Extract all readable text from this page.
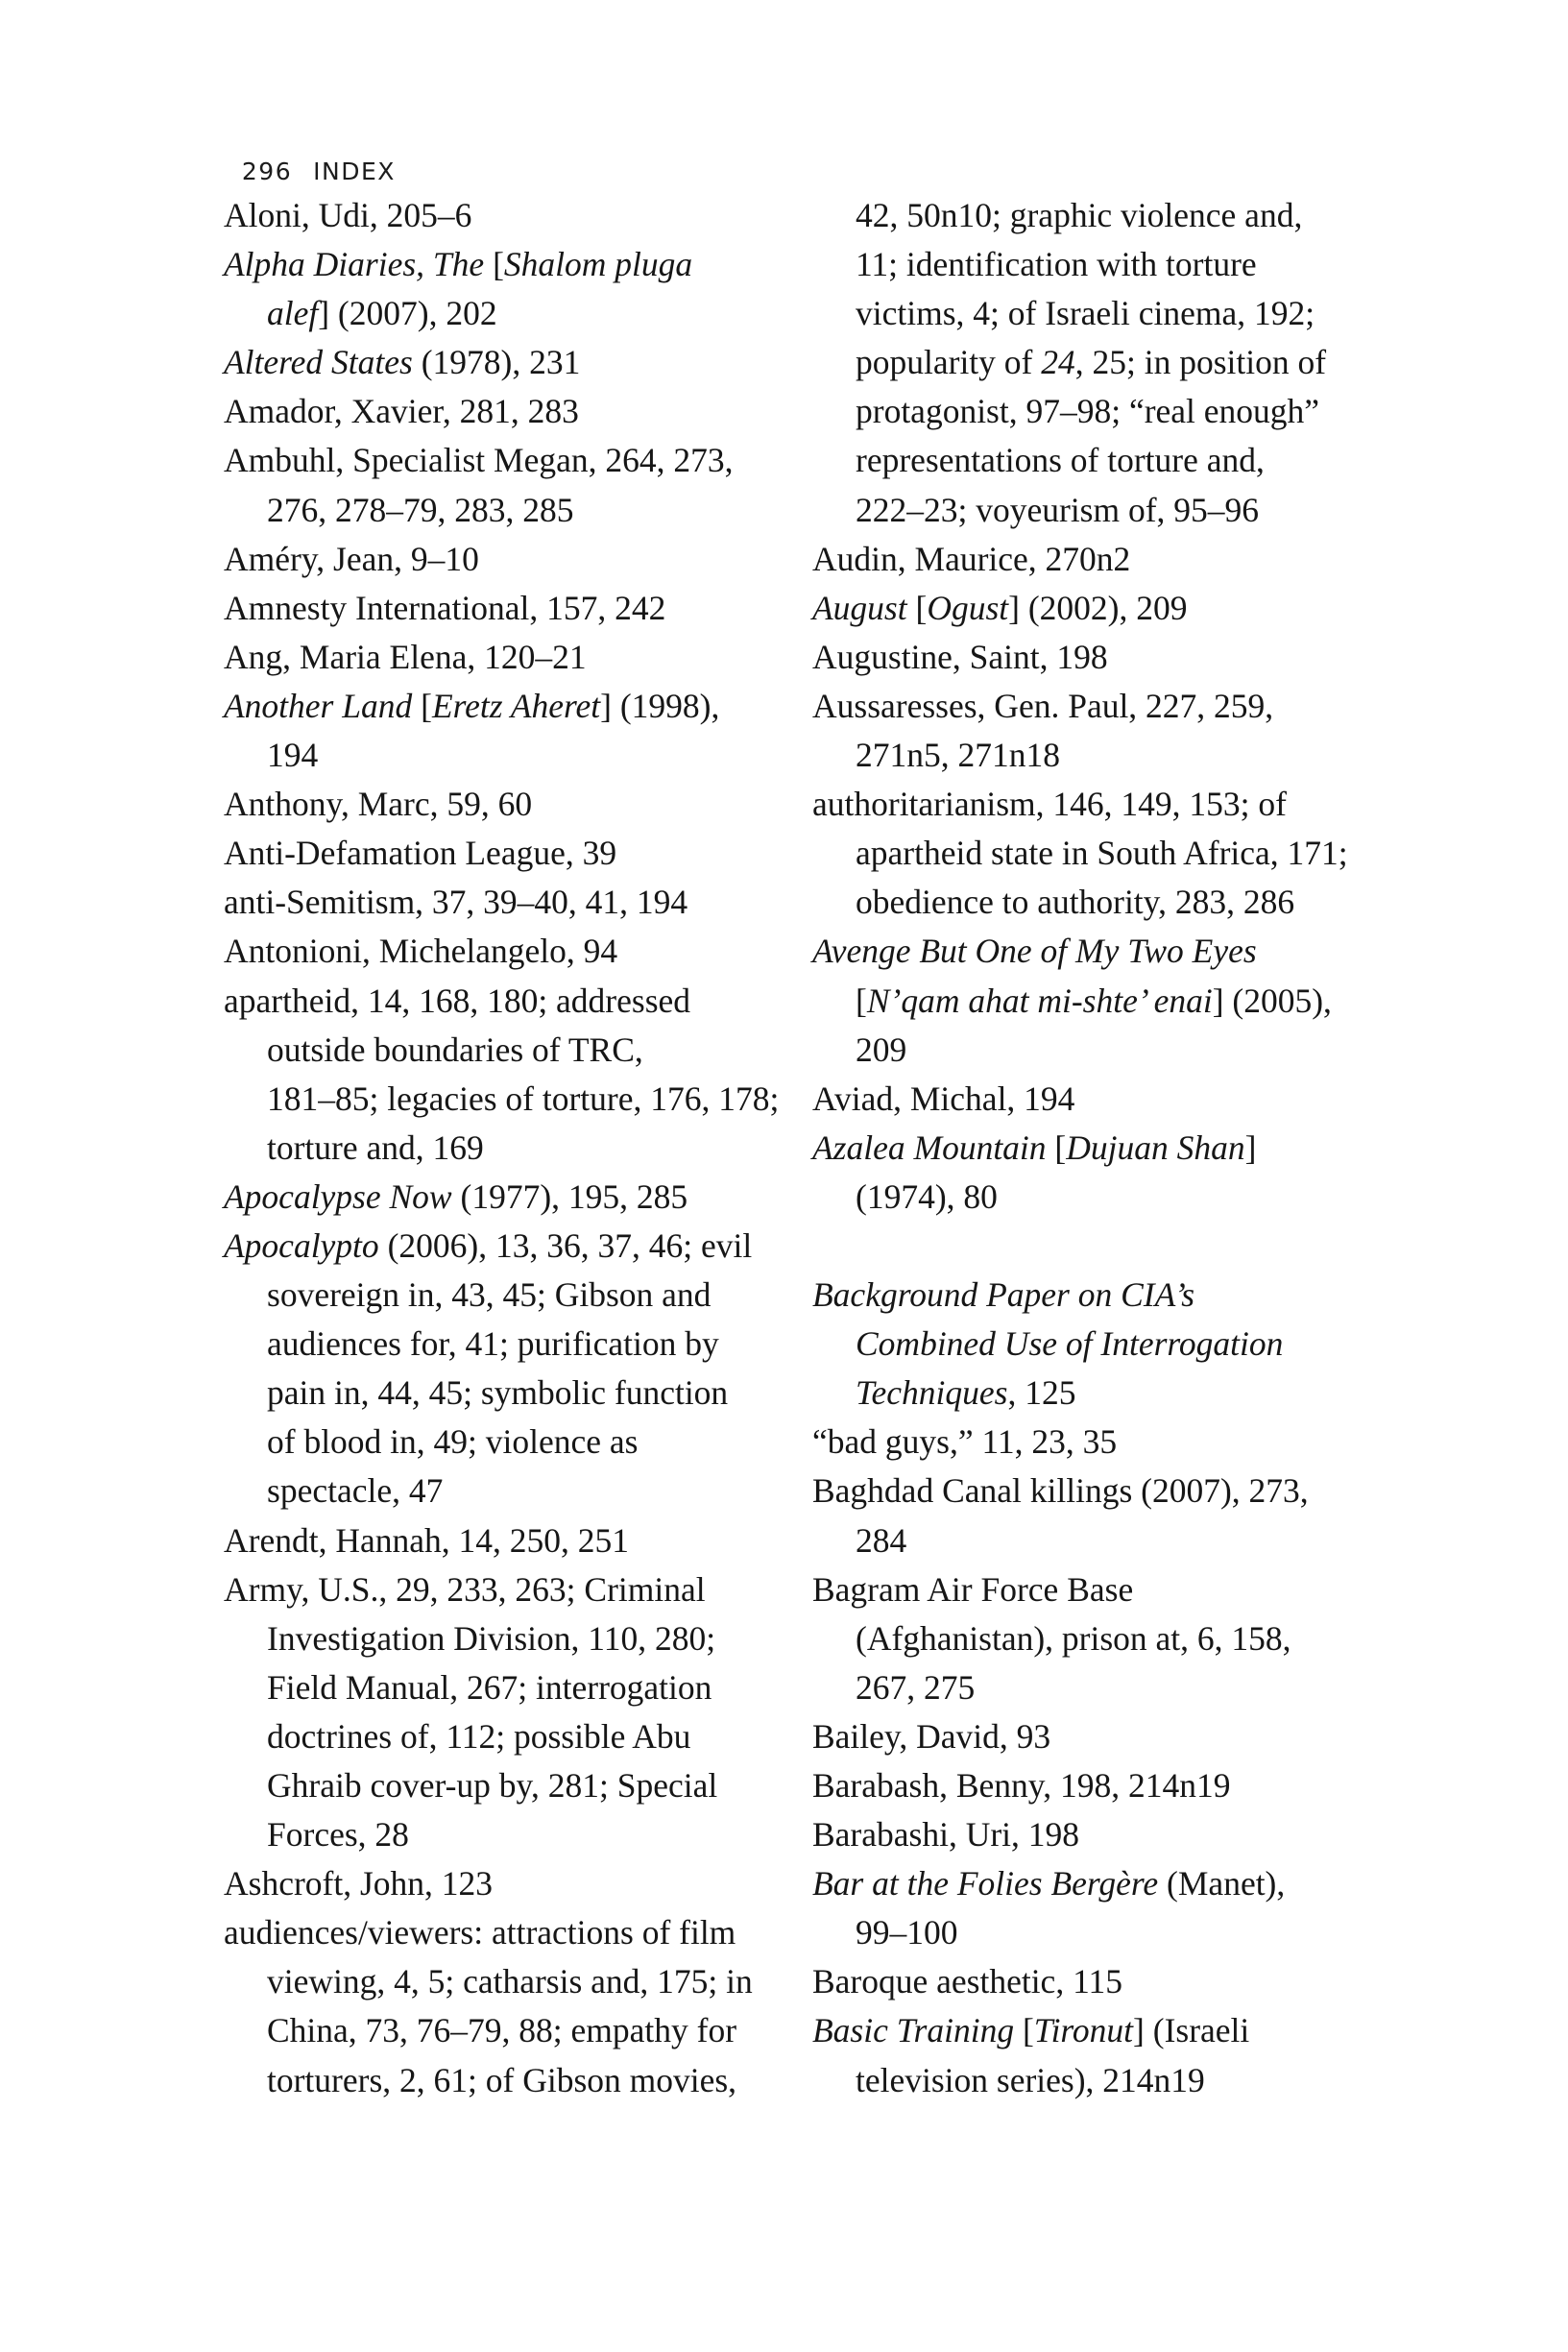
296 INDEX

Aloni, Udi, 205–6
Alpha Diaries, The [Shalom pluga
alef] (2007), 202
Altered States (1978), 231
Amador, Xavier, 281, 283
Ambuhl, Specialist Megan, 264, 273,
276, 278–79, 283, 285
Améry, Jean, 9–10
Amnesty International, 157, 242
Ang, Maria Elena, 120–21
Another Land [Eretz Aheret] (1998),
194
Anthony, Marc, 59, 60
Anti-Defamation League, 39
anti-Semitism, 37, 39–40, 41, 194
Antonioni, Michelangelo, 94
apartheid, 14, 168, 180; addressed
outside boundaries of TRC,
181–85; legacies of torture, 176, 178;
torture and, 169
Apocalypse Now (1977), 195, 285
Apocalypto (2006), 13, 36, 37, 46; evil
sovereign in, 43, 45; Gibson and
audiences for, 41; purification by
pain in, 44, 45; symbolic function
of blood in, 49; violence as
spectacle, 47
Arendt, Hannah, 14, 250, 251
Army, U.S., 29, 233, 263; Criminal
Investigation Division, 110, 280;
Field Manual, 267; interrogation
doctrines of, 112; possible Abu
Ghraib cover-up by, 281; Special
Forces, 28
Ashcroft, John, 123
audiences/viewers: attractions of film
viewing, 4, 5; catharsis and, 175; in
China, 73, 76–79, 88; empathy for
torturers, 2, 61; of Gibson movies,
42, 50n10; graphic violence and,
11; identification with torture
victims, 4; of Israeli cinema, 192;
popularity of 24, 25; in position of
protagonist, 97–98; “real enough”
representations of torture and,
222–23; voyeurism of, 95–96
Audin, Maurice, 270n2
August [Ogust] (2002), 209
Augustine, Saint, 198
Aussaresses, Gen. Paul, 227, 259,
271n5, 271n18
authoritarianism, 146, 149, 153; of
apartheid state in South Africa, 171;
obedience to authority, 283, 286
Avenge But One of My Two Eyes
[N’qam ahat mi-shte’ enai] (2005),
209
Aviad, Michal, 194
Azalea Mountain [Dujuan Shan]
(1974), 80
Background Paper on CIA’s
Combined Use of Interrogation
Techniques, 125
“bad guys,” 11, 23, 35
Baghdad Canal killings (2007), 273,
284
Bagram Air Force Base
(Afghanistan), prison at, 6, 158,
267, 275
Bailey, David, 93
Barabash, Benny, 198, 214n19
Barabashi, Uri, 198
Bar at the Folies Bergère (Manet),
99–100
Baroque aesthetic, 115
Basic Training [Tironut] (Israeli
television series), 214n19
